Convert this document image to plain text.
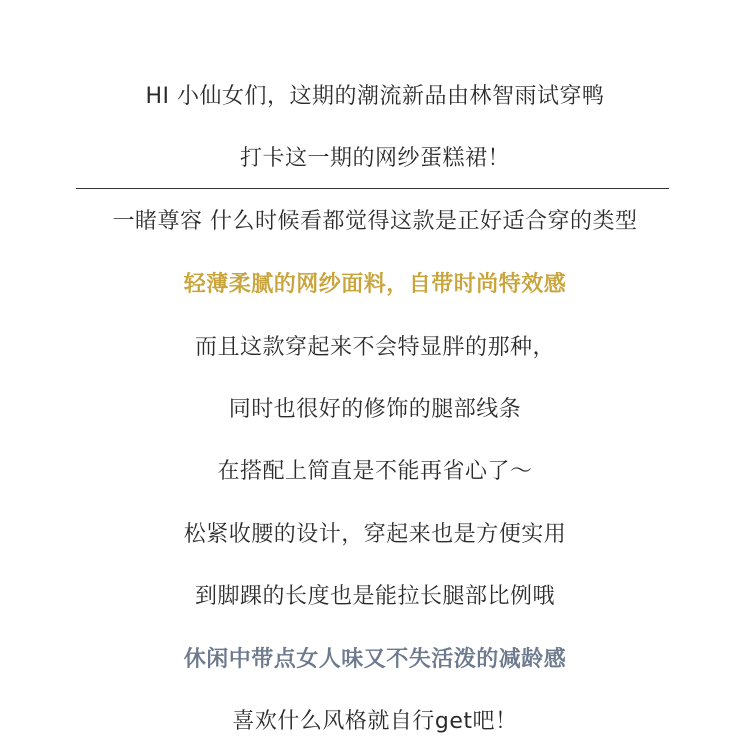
HI 小仙女们，这期的潮流新品由林智雨试穿鸭
打卡这一期的网纱蛋糕裙！
一睹尊容 什么时候看都觉得这款是正好适合穿的类型
轻薄柔腻的网纱面料，自带时尚特效感
而且这款穿起来不会特显胖的那种，
同时也很好的修饰的腿部线条
在搭配上简直是不能再省心了～
松紧收腰的设计，穿起来也是方便实用
到脚踝的长度也是能拉长腿部比例哦
休闲中带点女人味又不失活泼的减龄感
喜欢什么风格就自行get吧！
